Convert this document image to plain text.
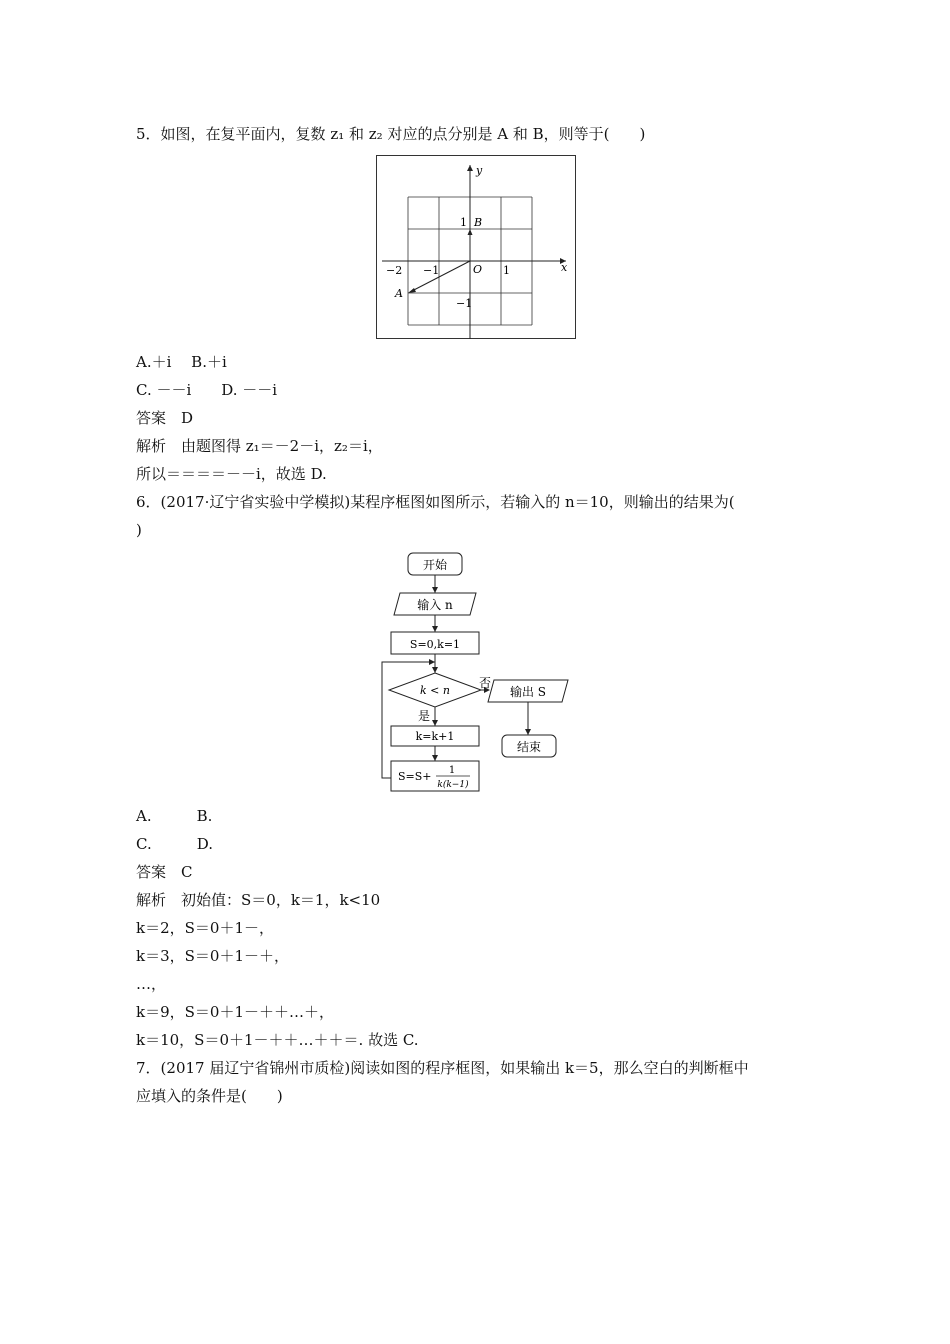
5．如图，在复平面内，复数 z₁ 和 z₂ 对应的点分别是 A 和 B，则等于(　　)
y
x
O
B
A
−2 −1	1
1
−1
A.＋i　 B.＋i
C. －－i　　D. －－i
答案　D
解析　由题图得 z₁＝－2－i，z₂＝i，
所以＝＝＝＝－－i，故选 D.
6．(2017·辽宁省实验中学模拟)某程序框图如图所示，若输入的 n＝10，则输出的结果为(
)
开始
输入 n
S=0,k=1
k < n
否
是
输出 S
结束
k=k+1
S=S+ 1
k(k−1)
A.　　　B.
C.　　　D.
答案　C
解析　初始值：S＝0，k＝1，k<10
k＝2，S＝0＋1－，
k＝3，S＝0＋1－＋，
…，
k＝9，S＝0＋1－＋＋…＋，
k＝10，S＝0＋1－＋＋…＋＋＝. 故选 C.
7．(2017 届辽宁省锦州市质检)阅读如图的程序框图，如果输出 k＝5，那么空白的判断框中
应填入的条件是(　　)
